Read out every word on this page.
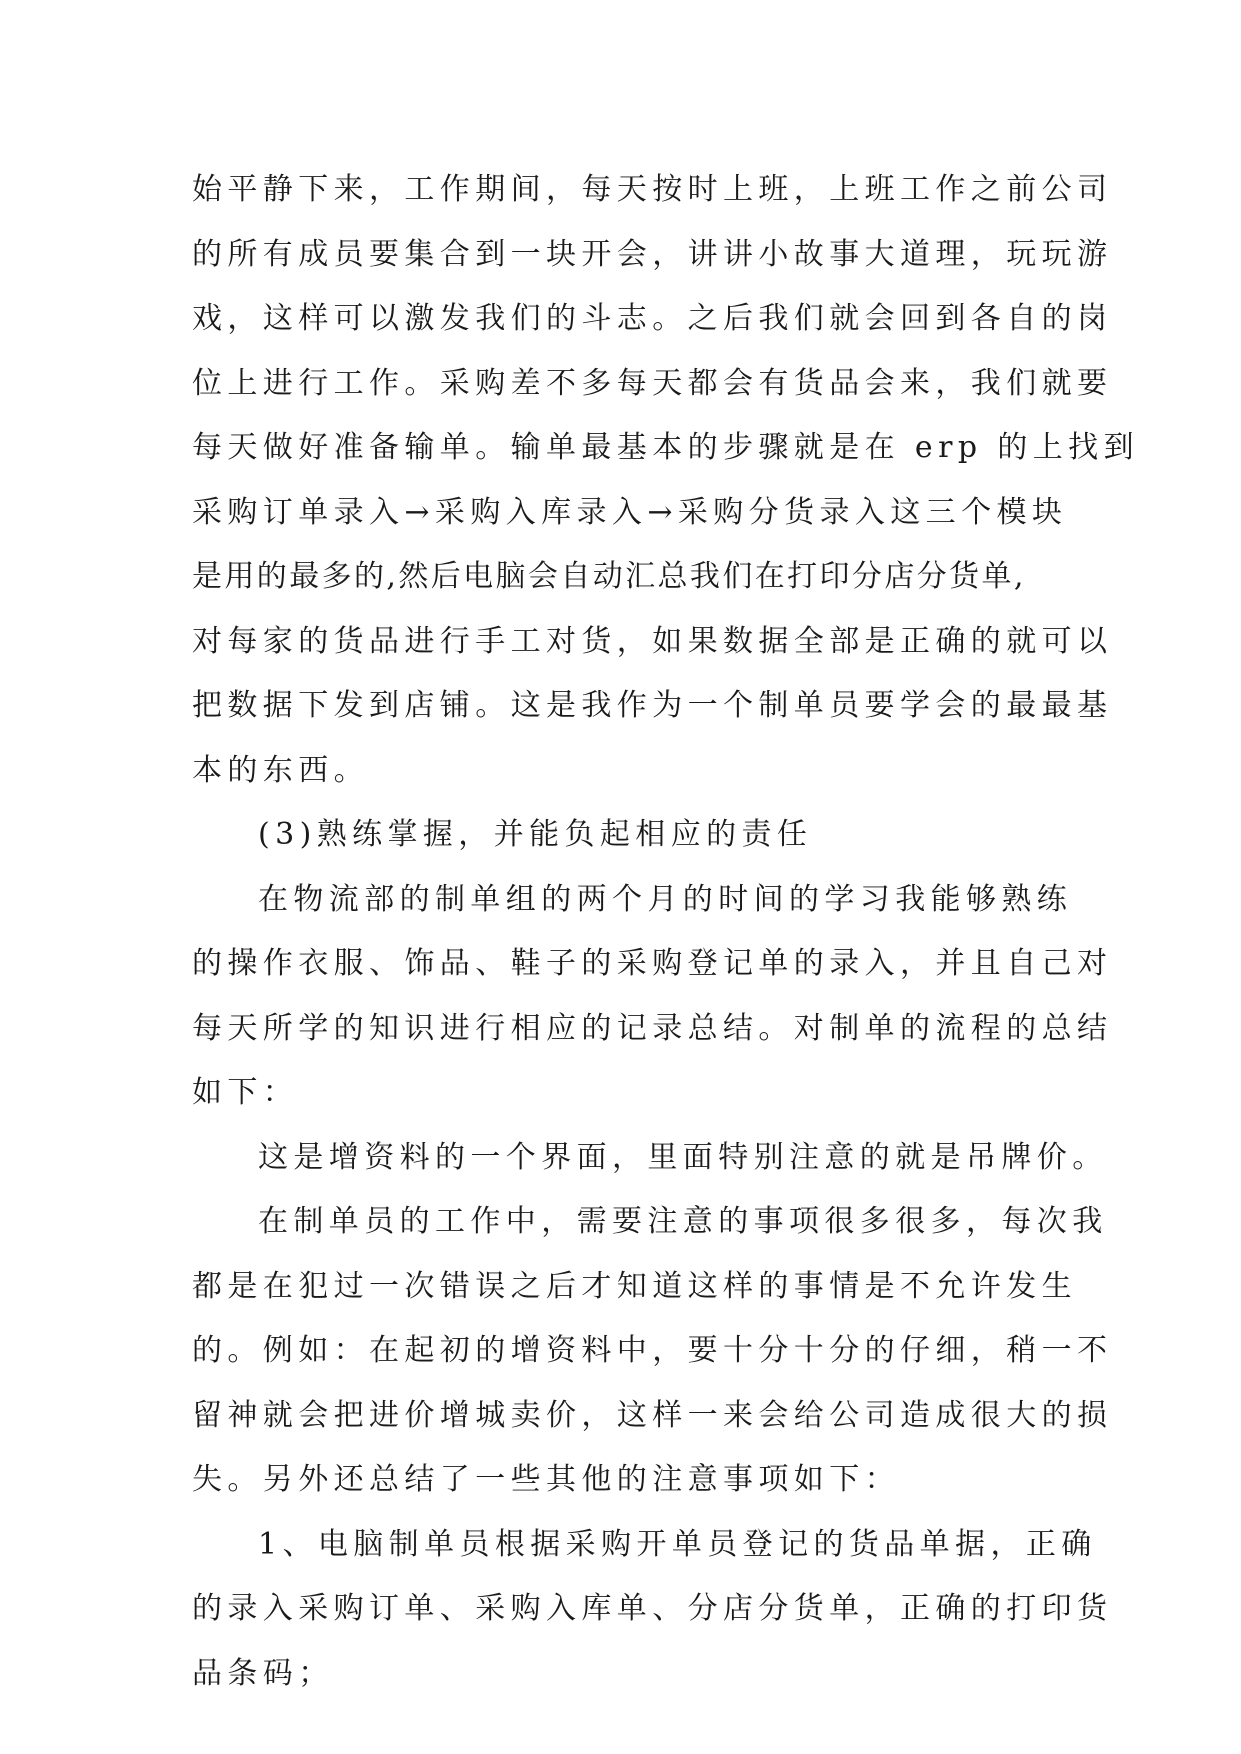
始平静下来，工作期间，每天按时上班，上班工作之前公司
的所有成员要集合到一块开会，讲讲小故事大道理，玩玩游
戏，这样可以激发我们的斗志。之后我们就会回到各自的岗
位上进行工作。采购差不多每天都会有货品会来，我们就要
每天做好准备输单。输单最基本的步骤就是在 erp 的上找到
采购订单录入→采购入库录入→采购分货录入这三个模块
是用的最多的,然后电脑会自动汇总我们在打印分店分货单,
对每家的货品进行手工对货，如果数据全部是正确的就可以
把数据下发到店铺。这是我作为一个制单员要学会的最最基
本的东西。
(3)熟练掌握，并能负起相应的责任
在物流部的制单组的两个月的时间的学习我能够熟练
的操作衣服、饰品、鞋子的采购登记单的录入，并且自己对
每天所学的知识进行相应的记录总结。对制单的流程的总结
如下：
这是增资料的一个界面，里面特别注意的就是吊牌价。
在制单员的工作中，需要注意的事项很多很多，每次我
都是在犯过一次错误之后才知道这样的事情是不允许发生
的。例如：在起初的增资料中，要十分十分的仔细，稍一不
留神就会把进价增城卖价，这样一来会给公司造成很大的损
失。另外还总结了一些其他的注意事项如下：
1、电脑制单员根据采购开单员登记的货品单据，正确
的录入采购订单、采购入库单、分店分货单，正确的打印货
品条码；
